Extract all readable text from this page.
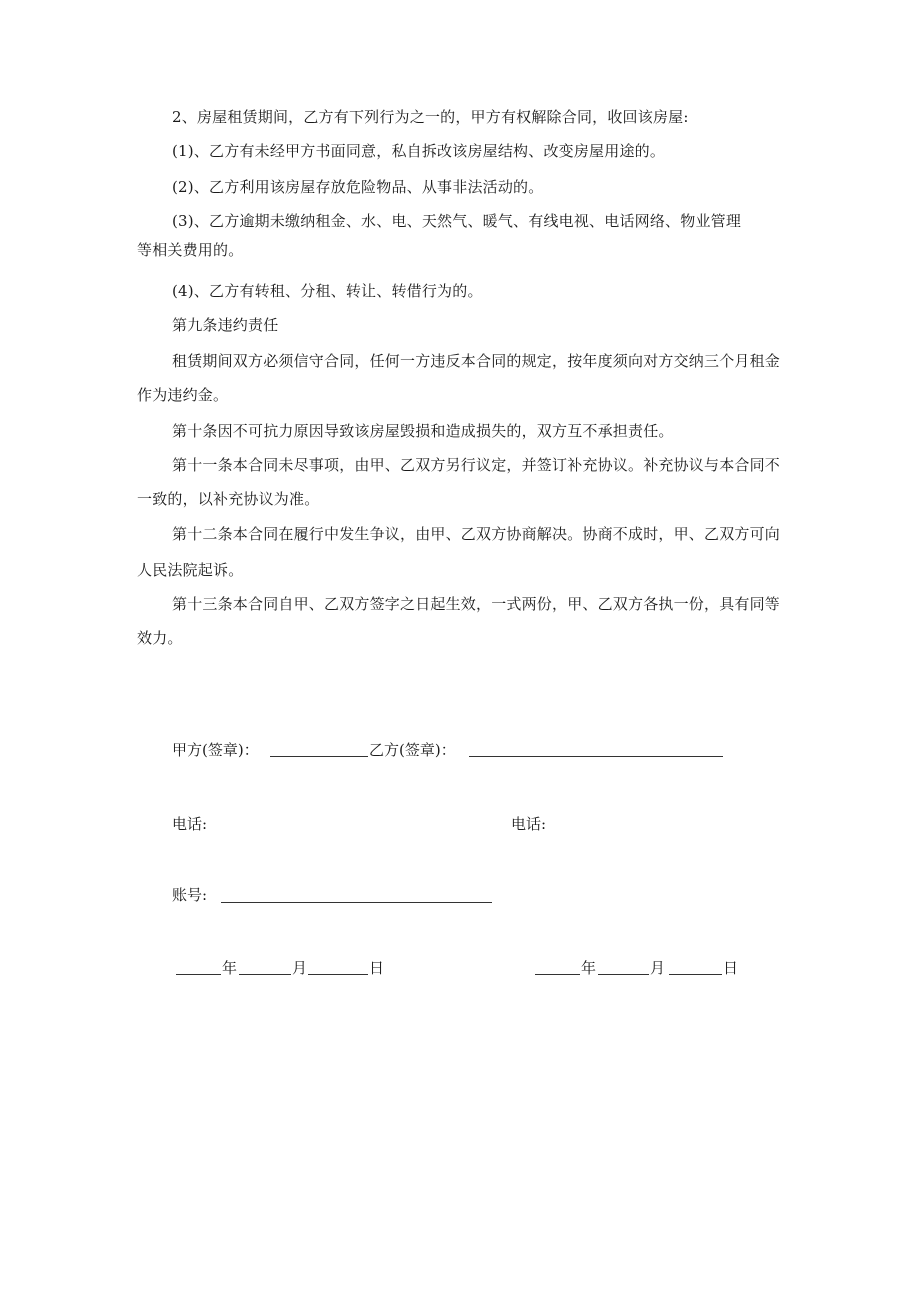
2、房屋租赁期间，乙方有下列行为之一的，甲方有权解除合同，收回该房屋:
(1)、乙方有未经甲方书面同意，私自拆改该房屋结构、改变房屋用途的。
(2)、乙方利用该房屋存放危险物品、从事非法活动的。
(3)、乙方逾期未缴纳租金、水、电、天然气、暖气、有线电视、电话网络、物业管理
等相关费用的。
(4)、乙方有转租、分租、转让、转借行为的。
第九条违约责任
租赁期间双方必须信守合同，任何一方违反本合同的规定，按年度须向对方交纳三个月租金
作为违约金。
第十条因不可抗力原因导致该房屋毁损和造成损失的，双方互不承担责任。
第十一条本合同未尽事项，由甲、乙双方另行议定，并签订补充协议。补充协议与本合同不
一致的，以补充协议为准。
第十二条本合同在履行中发生争议，由甲、乙双方协商解决。协商不成时，甲、乙双方可向
人民法院起诉。
第十三条本合同自甲、乙双方签字之日起生效，一式两份，甲、乙双方各执一份，具有同等
效力。
甲方(签章)：	乙方(签章)：
电话:	电话:
账号:
年	月	日	年	月	日
